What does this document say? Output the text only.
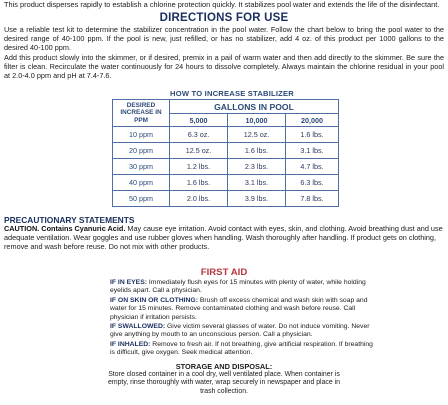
This product disperses rapidly to establish a chlorine protection quickly. It stabilizes pool water and extends the life of the disinfectant.

DIRECTIONS FOR USE

Use a reliable test kit to determine the stabilizer concentration in the pool water. Follow the chart below to bring the pool water to the desired range of 40-100 ppm. If the pool is new, just refilled, or has no stabilizer, add 4 oz. of this product per 1000 gallons to the desired 40-100 ppm.

Add this product slowly into the skimmer, or if desired, premix in a pail of warm water and then add directly to the skimmer. Be sure the filter is clean. Recirculate the water continuously for 24 hours to dissolve completely. Always maintain the chlorine residual in your pool at 2.0-4.0 ppm and pH at 7.4-7.6.

HOW TO INCREASE STABILIZER
DESIRED INCREASE IN PPM	GALLONS IN POOL		
	5,000	10,000	20,000
10 ppm	6.3 oz.	12.5 oz.	1.6 lbs.
20 ppm	12.5 oz.	1.6 lbs.	3.1 lbs.
30 ppm	1.2 lbs.	2.3 lbs.	4.7 lbs.
40 ppm	1.6 lbs.	3.1 lbs.	6.3 lbs.
50 ppm	2.0 lbs.	3.9 lbs.	7.8 lbs.
PRECAUTIONARY STATEMENTS

CAUTION. Contains Cyanuric Acid. May cause eye irritation. Avoid contact with eyes, skin, and clothing. Avoid breathing dust and use adequate ventilation. Wear goggles and use rubber gloves when handling. Wash thoroughly after handling. If product gets on clothing, remove and wash before reuse. Do not mix with other products.

FIRST AID

IF IN EYES: Immediately flush eyes for 15 minutes with plenty of water, while holding eyelids apart. Call a physician.

IF ON SKIN OR CLOTHING: Brush off excess chemical and wash skin with soap and water for 15 minutes. Remove contaminated clothing and wash before reuse. Call physician if irritation persists.

IF SWALLOWED: Give victim several glasses of water. Do not induce vomiting. Never give anything by mouth to an unconscious person. Call a physician.

IF INHALED: Remove to fresh air. If not breathing, give artificial respiration. If breathing is difficult, give oxygen. Seek medical attention.

STORAGE AND DISPOSAL:

Store closed container in a cool dry, well ventilated place. When container is empty, rinse thoroughly with water, wrap securely in newspaper and place in trash collection.
